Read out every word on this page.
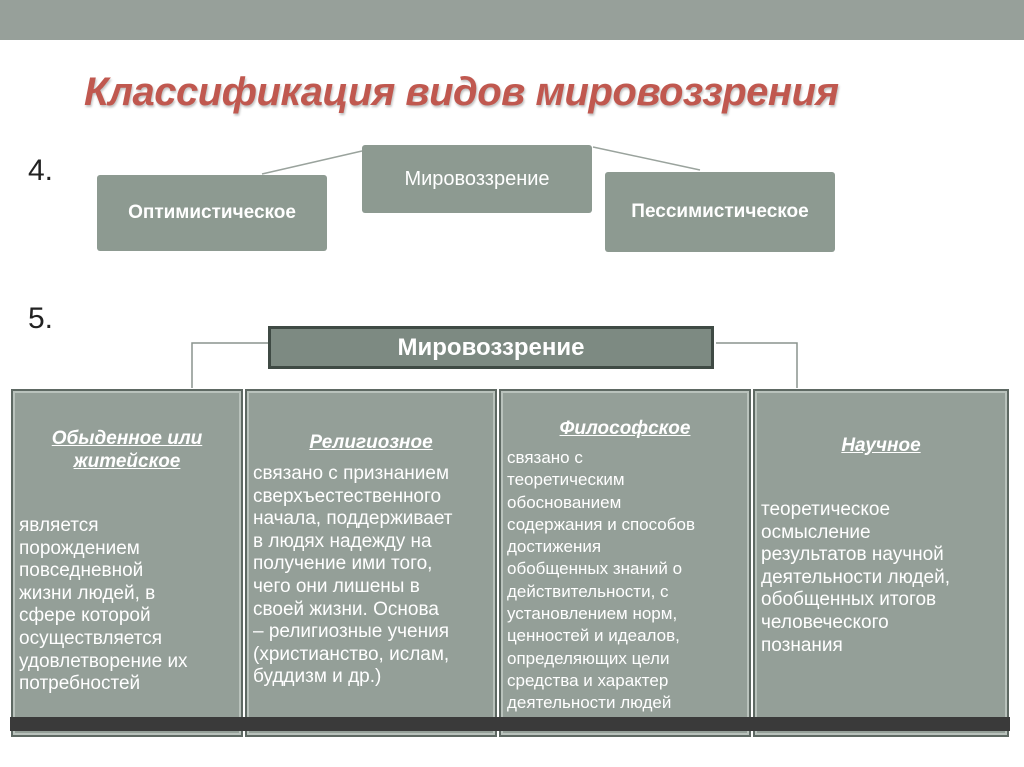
Классификация видов мировоззрения
4.
5.
Мировоззрение
Оптимистическое	Пессимистическое
Мировоззрение
Обыденное или
житейское
является
порождением
повседневной
жизни людей, в
сфере которой
осуществляется
удовлетворение их
потребностей
Религиозное
связано с признанием
сверхъестественного
начала, поддерживает
в людях надежду на
получение ими того,
чего они лишены в
своей жизни. Основа
– религиозные учения
(христианство, ислам,
буддизм и др.)
Философское
связано с
теоретическим
обоснованием
содержания и способов
достижения
обобщенных знаний о
действительности, с
установлением норм,
ценностей и идеалов,
определяющих цели
средства и характер
деятельности людей
Научное
теоретическое
осмысление
результатов научной
деятельности людей,
обобщенных итогов
человеческого
познания
